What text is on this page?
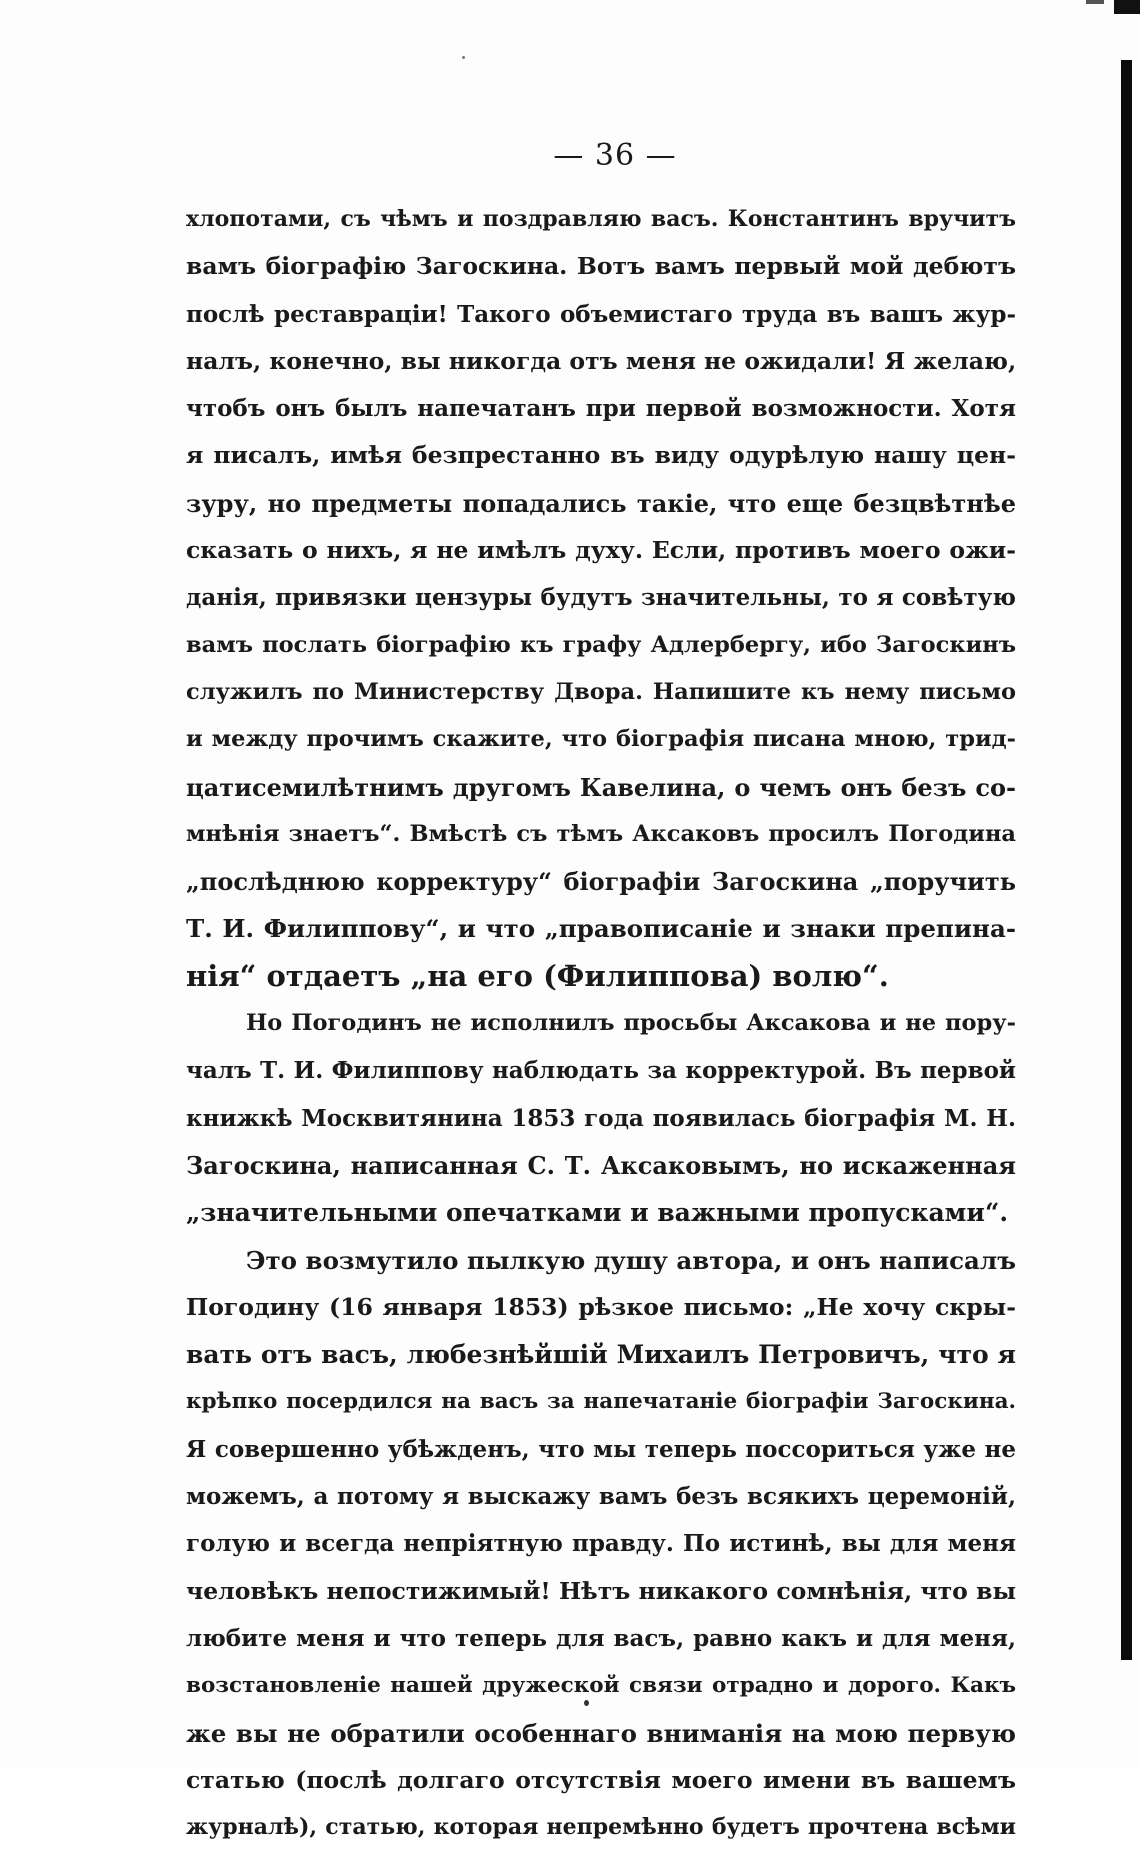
— 36 —
хлопотами, съ чѣмъ и поздравляю васъ. Константинъ вручитъ
вамъ біографію Загоскина. Вотъ вамъ первый мой дебютъ
послѣ реставраціи! Такого объемистаго труда въ вашъ жур-
налъ, конечно, вы никогда отъ меня не ожидали! Я желаю,
чтобъ онъ былъ напечатанъ при первой возможности. Хотя
я писалъ, имѣя безпрестанно въ виду одурѣлую нашу цен-
зуру, но предметы попадались такіе, что еще безцвѣтнѣе
сказать о нихъ, я не имѣлъ духу. Если, противъ моего ожи-
данія, привязки цензуры будутъ значительны, то я совѣтую
вамъ послать біографію къ графу Адлербергу, ибо Загоскинъ
служилъ по Министерству Двора. Напишите къ нему письмо
и между прочимъ скажите, что біографія писана мною, трид-
цатисемилѣтнимъ другомъ Кавелина, о чемъ онъ безъ со-
мнѣнія знаетъ“. Вмѣстѣ съ тѣмъ Аксаковъ просилъ Погодина
„послѣднюю корректуру“ біографіи Загоскина „поручить
Т. И. Филиппову“, и что „правописаніе и знаки препина-
нія“ отдаетъ „на его (Филиппова) волю“.
Но Погодинъ не исполнилъ просьбы Аксакова и не пору-
чалъ Т. И. Филиппову наблюдать за корректурой. Въ первой
книжкѣ Москвитянина 1853 года появилась біографія М. Н.
Загоскина, написанная С. Т. Аксаковымъ, но искаженная
„значительными опечатками и важными пропусками“.
Это возмутило пылкую душу автора, и онъ написалъ
Погодину (16 января 1853) рѣзкое письмо: „Не хочу скры-
вать отъ васъ, любезнѣйшій Михаилъ Петровичъ, что я
крѣпко посердился на васъ за напечатаніе біографіи Загоскина.
Я совершенно убѣжденъ, что мы теперь поссориться уже не
можемъ, а потому я выскажу вамъ безъ всякихъ церемоній,
голую и всегда непріятную правду. По истинѣ, вы для меня
человѣкъ непостижимый! Нѣтъ никакого сомнѣнія, что вы
любите меня и что теперь для васъ, равно какъ и для меня,
возстановленіе нашей дружеской связи отрадно и дорого. Какъ
же вы не обратили особеннаго вниманія на мою первую
статью (послѣ долгаго отсутствія моего имени въ вашемъ
журналѣ), статью, которая непремѣнно будетъ прочтена всѣми
